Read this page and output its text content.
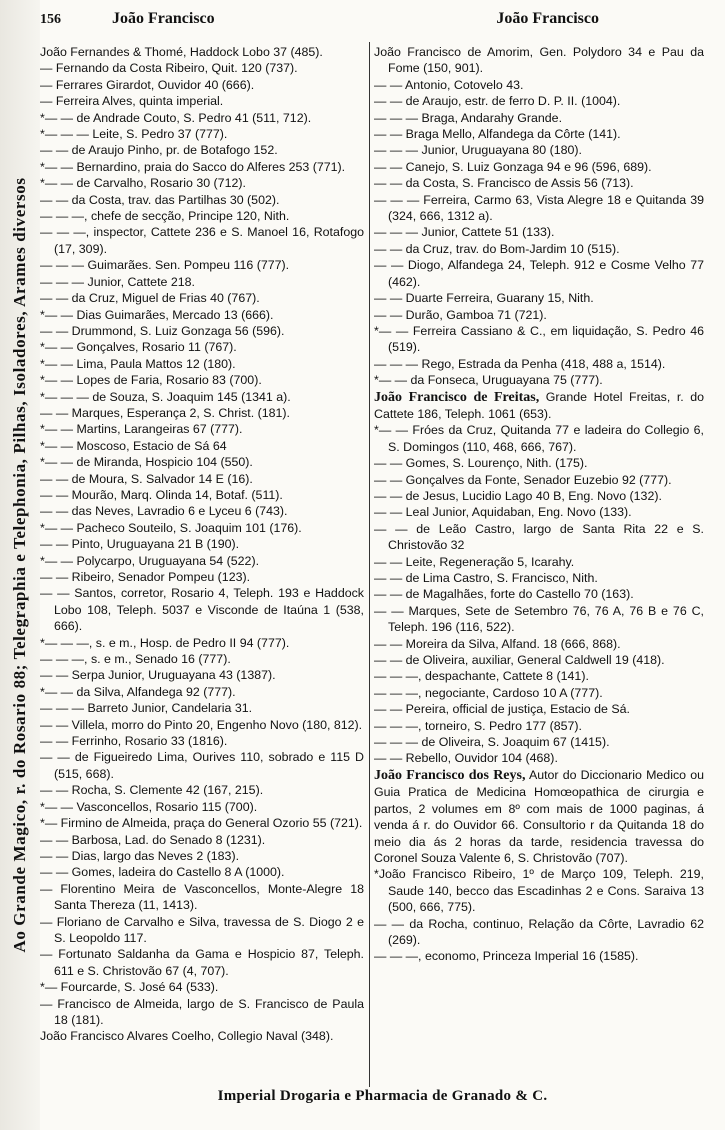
Ao Grande Magico, r. do Rosario 88; Telegraphia e Telephonia, Pilhas, Isoladores, Arames diversos
156	João Francisco	João Francisco

João Fernandes & Thomé, Haddock Lobo 37 (485).

— Fernando da Costa Ribeiro, Quit. 120 (737).

— Ferrares Girardot, Ouvidor 40 (666).

— Ferreira Alves, quinta imperial.

*— — de Andrade Couto, S. Pedro 41 (511, 712).

*— — — Leite, S. Pedro 37 (777).

— — de Araujo Pinho, pr. de Botafogo 152.

*— — Bernardino, praia do Sacco do Alferes 253 (771).

*— — de Carvalho, Rosario 30 (712).

— — da Costa, trav. das Partilhas 30 (502).

— — —, chefe de secção, Principe 120, Nith.

— — —, inspector, Cattete 236 e S. Manoel 16, Rotafogo (17, 309).

— — — Guimarães. Sen. Pompeu 116 (777).

— — — Junior, Cattete 218.

— — da Cruz, Miguel de Frias 40 (767).

*— — Dias Guimarães, Mercado 13 (666).

— — Drummond, S. Luiz Gonzaga 56 (596).

*— — Gonçalves, Rosario 11 (767).

*— — Lima, Paula Mattos 12 (180).

*— — Lopes de Faria, Rosario 83 (700).

*— — — de Souza, S. Joaquim 145 (1341 a).

— — Marques, Esperança 2, S. Christ. (181).

*— — Martins, Larangeiras 67 (777).

*— — Moscoso, Estacio de Sá 64

*— — de Miranda, Hospicio 104 (550).

— — de Moura, S. Salvador 14 E (16).

— — Mourão, Marq. Olinda 14, Botaf. (511).

— — das Neves, Lavradio 6 e Lyceu 6 (743).

*— — Pacheco Souteilo, S. Joaquim 101 (176).

— — Pinto, Uruguayana 21 B (190).

*— — Polycarpo, Uruguayana 54 (522).

— — Ribeiro, Senador Pompeu (123).

— — Santos, corretor, Rosario 4, Teleph. 193 e Haddock Lobo 108, Teleph. 5037 e Visconde de Itaúna 1 (538, 666).

*— — —, s. e m., Hosp. de Pedro II 94 (777).

— — —, s. e m., Senado 16 (777).

— — Serpa Junior, Uruguayana 43 (1387).

*— — da Silva, Alfandega 92 (777).

— — — Barreto Junior, Candelaria 31.

— — Villela, morro do Pinto 20, Engenho Novo (180, 812).

— — Ferrinho, Rosario 33 (1816).

— — de Figueiredo Lima, Ourives 110, sobrado e 115 D (515, 668).

— — Rocha, S. Clemente 42 (167, 215).

*— — Vasconcellos, Rosario 115 (700).

*— Firmino de Almeida, praça do General Ozorio 55 (721).

— — Barbosa, Lad. do Senado 8 (1231).

— — Dias, largo das Neves 2 (183).

— — Gomes, ladeira do Castello 8 A (1000).

— Florentino Meira de Vasconcellos, Monte-Alegre 18 Santa Thereza (11, 1413).

— Floriano de Carvalho e Silva, travessa de S. Diogo 2 e S. Leopoldo 117.

— Fortunato Saldanha da Gama e Hospicio 87, Teleph. 611 e S. Christovão 67 (4, 707).

*— Fourcarde, S. José 64 (533).

— Francisco de Almeida, largo de S. Francisco de Paula 18 (181).

João Francisco Alvares Coelho, Collegio Naval (348).

João Francisco de Amorim, Gen. Polydoro 34 e Pau da Fome (150, 901).

— — Antonio, Cotovelo 43.

— — de Araujo, estr. de ferro D. P. II. (1004).

— — — Braga, Andarahy Grande.

— — Braga Mello, Alfandega da Côrte (141).

— — — Junior, Uruguayana 80 (180).

— — Canejo, S. Luiz Gonzaga 94 e 96 (596, 689).

— — da Costa, S. Francisco de Assis 56 (713).

— — — Ferreira, Carmo 63, Vista Alegre 18 e Quitanda 39 (324, 666, 1312 a).

— — — Junior, Cattete 51 (133).

— — da Cruz, trav. do Bom-Jardim 10 (515).

— — Diogo, Alfandega 24, Teleph. 912 e Cosme Velho 77 (462).

— — Duarte Ferreira, Guarany 15, Nith.

— — Durão, Gamboa 71 (721).

*— — Ferreira Cassiano & C., em liquidação, S. Pedro 46 (519).

— — — Rego, Estrada da Penha (418, 488 a, 1514).

*— — da Fonseca, Uruguayana 75 (777).

João Francisco de Freitas, Grande Hotel Freitas, r. do Cattete 186, Teleph. 1061 (653).

*— — Fróes da Cruz, Quitanda 77 e ladeira do Collegio 6, S. Domingos (110, 468, 666, 767).

— — Gomes, S. Lourenço, Nith. (175).

— — Gonçalves da Fonte, Senador Euzebio 92 (777).

— — de Jesus, Lucidio Lago 40 B, Eng. Novo (132).

— — Leal Junior, Aquidaban, Eng. Novo (133).

— — de Leão Castro, largo de Santa Rita 22 e S. Christovão 32

— — Leite, Regeneração 5, Icarahy.

— — de Lima Castro, S. Francisco, Nith.

— — de Magalhães, forte do Castello 70 (163).

— — Marques, Sete de Setembro 76, 76 A, 76 B e 76 C, Teleph. 196 (116, 522).

— — Moreira da Silva, Alfand. 18 (666, 868).

— — de Oliveira, auxiliar, General Caldwell 19 (418).

— — —, despachante, Cattete 8 (141).

— — —, negociante, Cardoso 10 A (777).

— — Pereira, official de justiça, Estacio de Sá.

— — —, torneiro, S. Pedro 177 (857).

— — — de Oliveira, S. Joaquim 67 (1415).

— — Rebello, Ouvidor 104 (468).

João Francisco dos Reys, Autor do Diccionario Medico ou Guia Pratica de Medicina Homœopathica de cirurgia e partos, 2 volumes em 8º com mais de 1000 paginas, á venda á r. do Ouvidor 66. Consultorio r da Quitanda 18 do meio dia ás 2 horas da tarde, residencia travessa do Coronel Souza Valente 6, S. Christovão (707).

*João Francisco Ribeiro, 1º de Março 109, Teleph. 219, Saude 140, becco das Escadinhas 2 e Cons. Saraiva 13 (500, 666, 775).

— — da Rocha, continuo, Relação da Côrte, Lavradio 62 (269).

— — —, economo, Princeza Imperial 16 (1585).

Imperial Drogaria e Pharmacia de Granado & C.
